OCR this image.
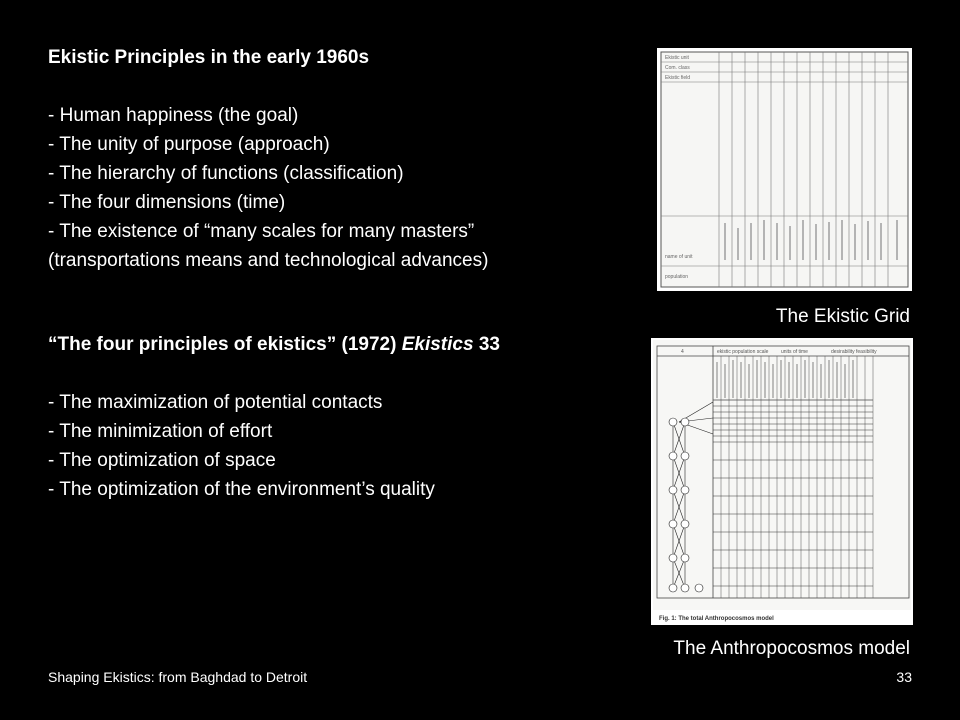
Ekistic Principles in the early 1960s

- Human happiness (the goal)

- The unity of purpose (approach)

- The hierarchy of functions (classification)

- The four dimensions (time)

- The existence of “many scales for many masters”

(transportations means and technological advances)

“The four principles of ekistics” (1972) Ekistics 33

- The maximization of potential contacts

- The minimization of effort

- The optimization of space

- The optimization of the environment’s quality

Ekistic unit
Com. class
Ekistic field
name of unit
population
The Ekistic Grid
4	ekistic population scale	units of time	desirability feasibility
Fig. 1: The total Anthropocosmos model
The Anthropocosmos model
Shaping Ekistics: from Baghdad to Detroit	33
